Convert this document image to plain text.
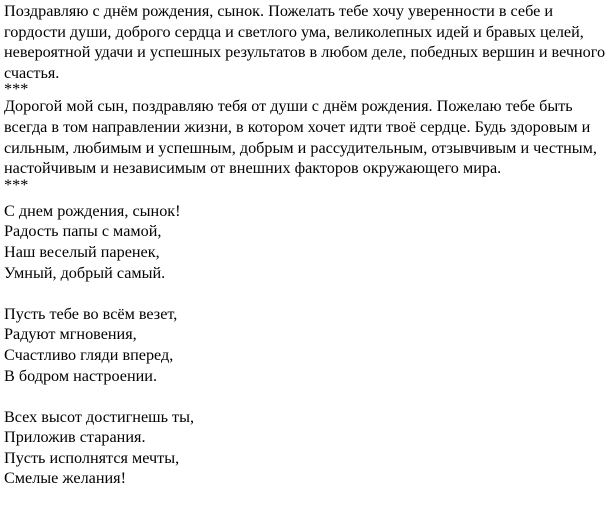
Поздравляю с днём рождения, сынок. Пожелать тебе хочу уверенности в себе и гордости души, доброго сердца и светлого ума, великолепных идей и бравых целей, невероятной удачи и успешных результатов в любом деле, победных вершин и вечного счастья.

***

Дорогой мой сын, поздравляю тебя от души с днём рождения. Пожелаю тебе быть всегда в том направлении жизни, в котором хочет идти твоё сердце. Будь здоровым и сильным, любимым и успешным, добрым и рассудительным, отзывчивым и честным, настойчивым и независимым от внешних факторов окружающего мира.

***
С днем рождения, сынок!
Радость папы с мамой,
Наш веселый паренек,
Умный, добрый самый.
Пусть тебе во всём везет,
Радуют мгновения,
Счастливо гляди вперед,
В бодром настроении.
Всех высот достигнешь ты,
Приложив старания.
Пусть исполнятся мечты,
Смелые желания!
